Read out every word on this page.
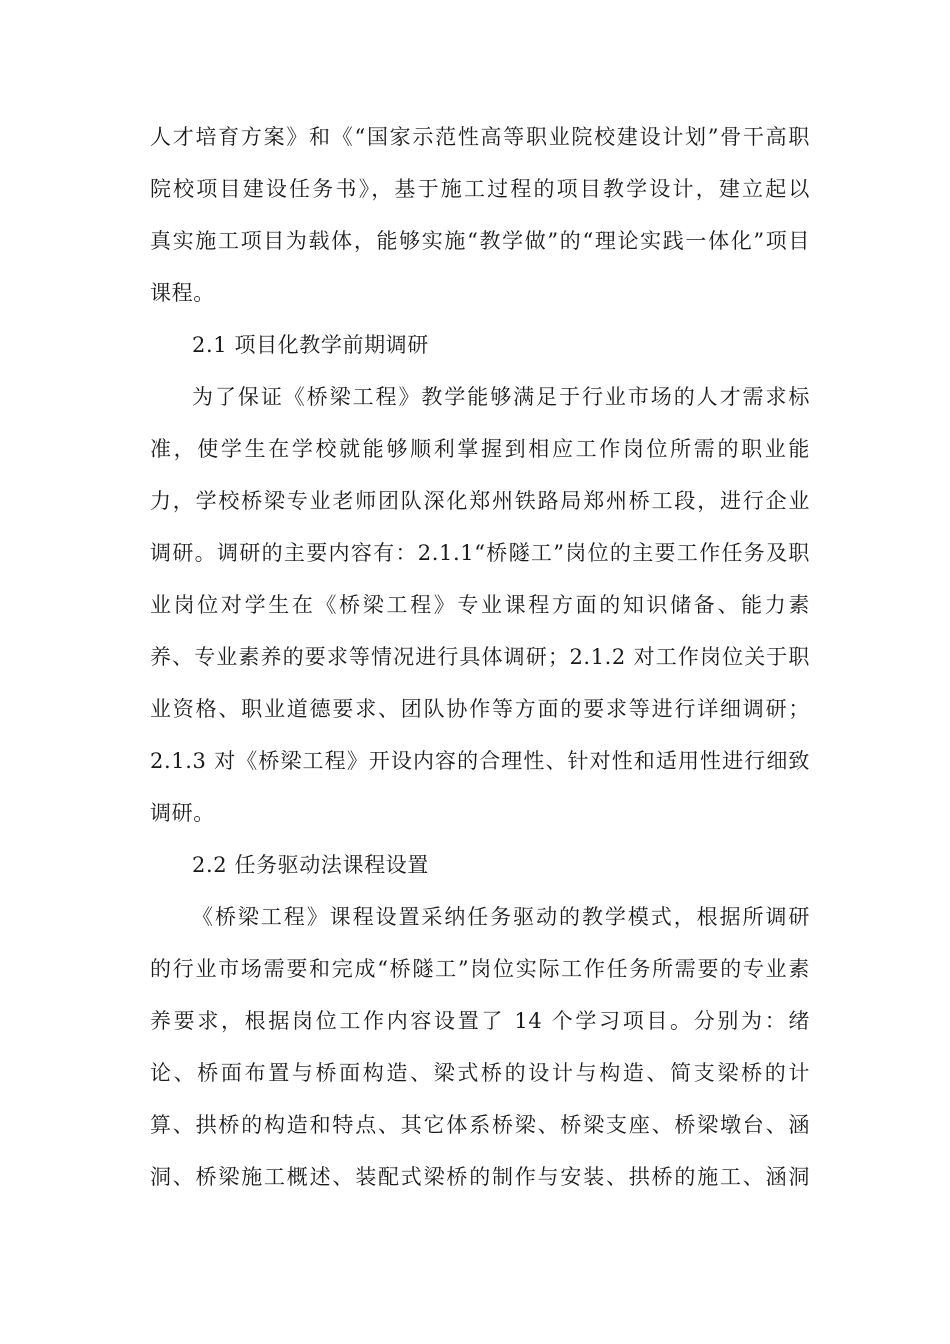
人才培育方案》和《“国家示范性高等职业院校建设计划”骨干高职
院校项目建设任务书》，基于施工过程的项目教学设计，建立起以
真实施工项目为载体，能够实施“教学做”的“理论实践一体化”项目
课程。
2.1 项目化教学前期调研
为了保证《桥梁工程》教学能够满足于行业市场的人才需求标
准，使学生在学校就能够顺利掌握到相应工作岗位所需的职业能
力，学校桥梁专业老师团队深化郑州铁路局郑州桥工段，进行企业
调研。调研的主要内容有：2.1.1“桥隧工”岗位的主要工作任务及职
业岗位对学生在《桥梁工程》专业课程方面的知识储备、能力素
养、专业素养的要求等情况进行具体调研；2.1.2 对工作岗位关于职
业资格、职业道德要求、团队协作等方面的要求等进行详细调研；
2.1.3 对《桥梁工程》开设内容的合理性、针对性和适用性进行细致
调研。
2.2 任务驱动法课程设置
《桥梁工程》课程设置采纳任务驱动的教学模式，根据所调研
的行业市场需要和完成“桥隧工”岗位实际工作任务所需要的专业素
养要求，根据岗位工作内容设置了 14 个学习项目。分别为：绪
论、桥面布置与桥面构造、梁式桥的设计与构造、简支梁桥的计
算、拱桥的构造和特点、其它体系桥梁、桥梁支座、桥梁墩台、涵
洞、桥梁施工概述、装配式梁桥的制作与安装、拱桥的施工、涵洞
